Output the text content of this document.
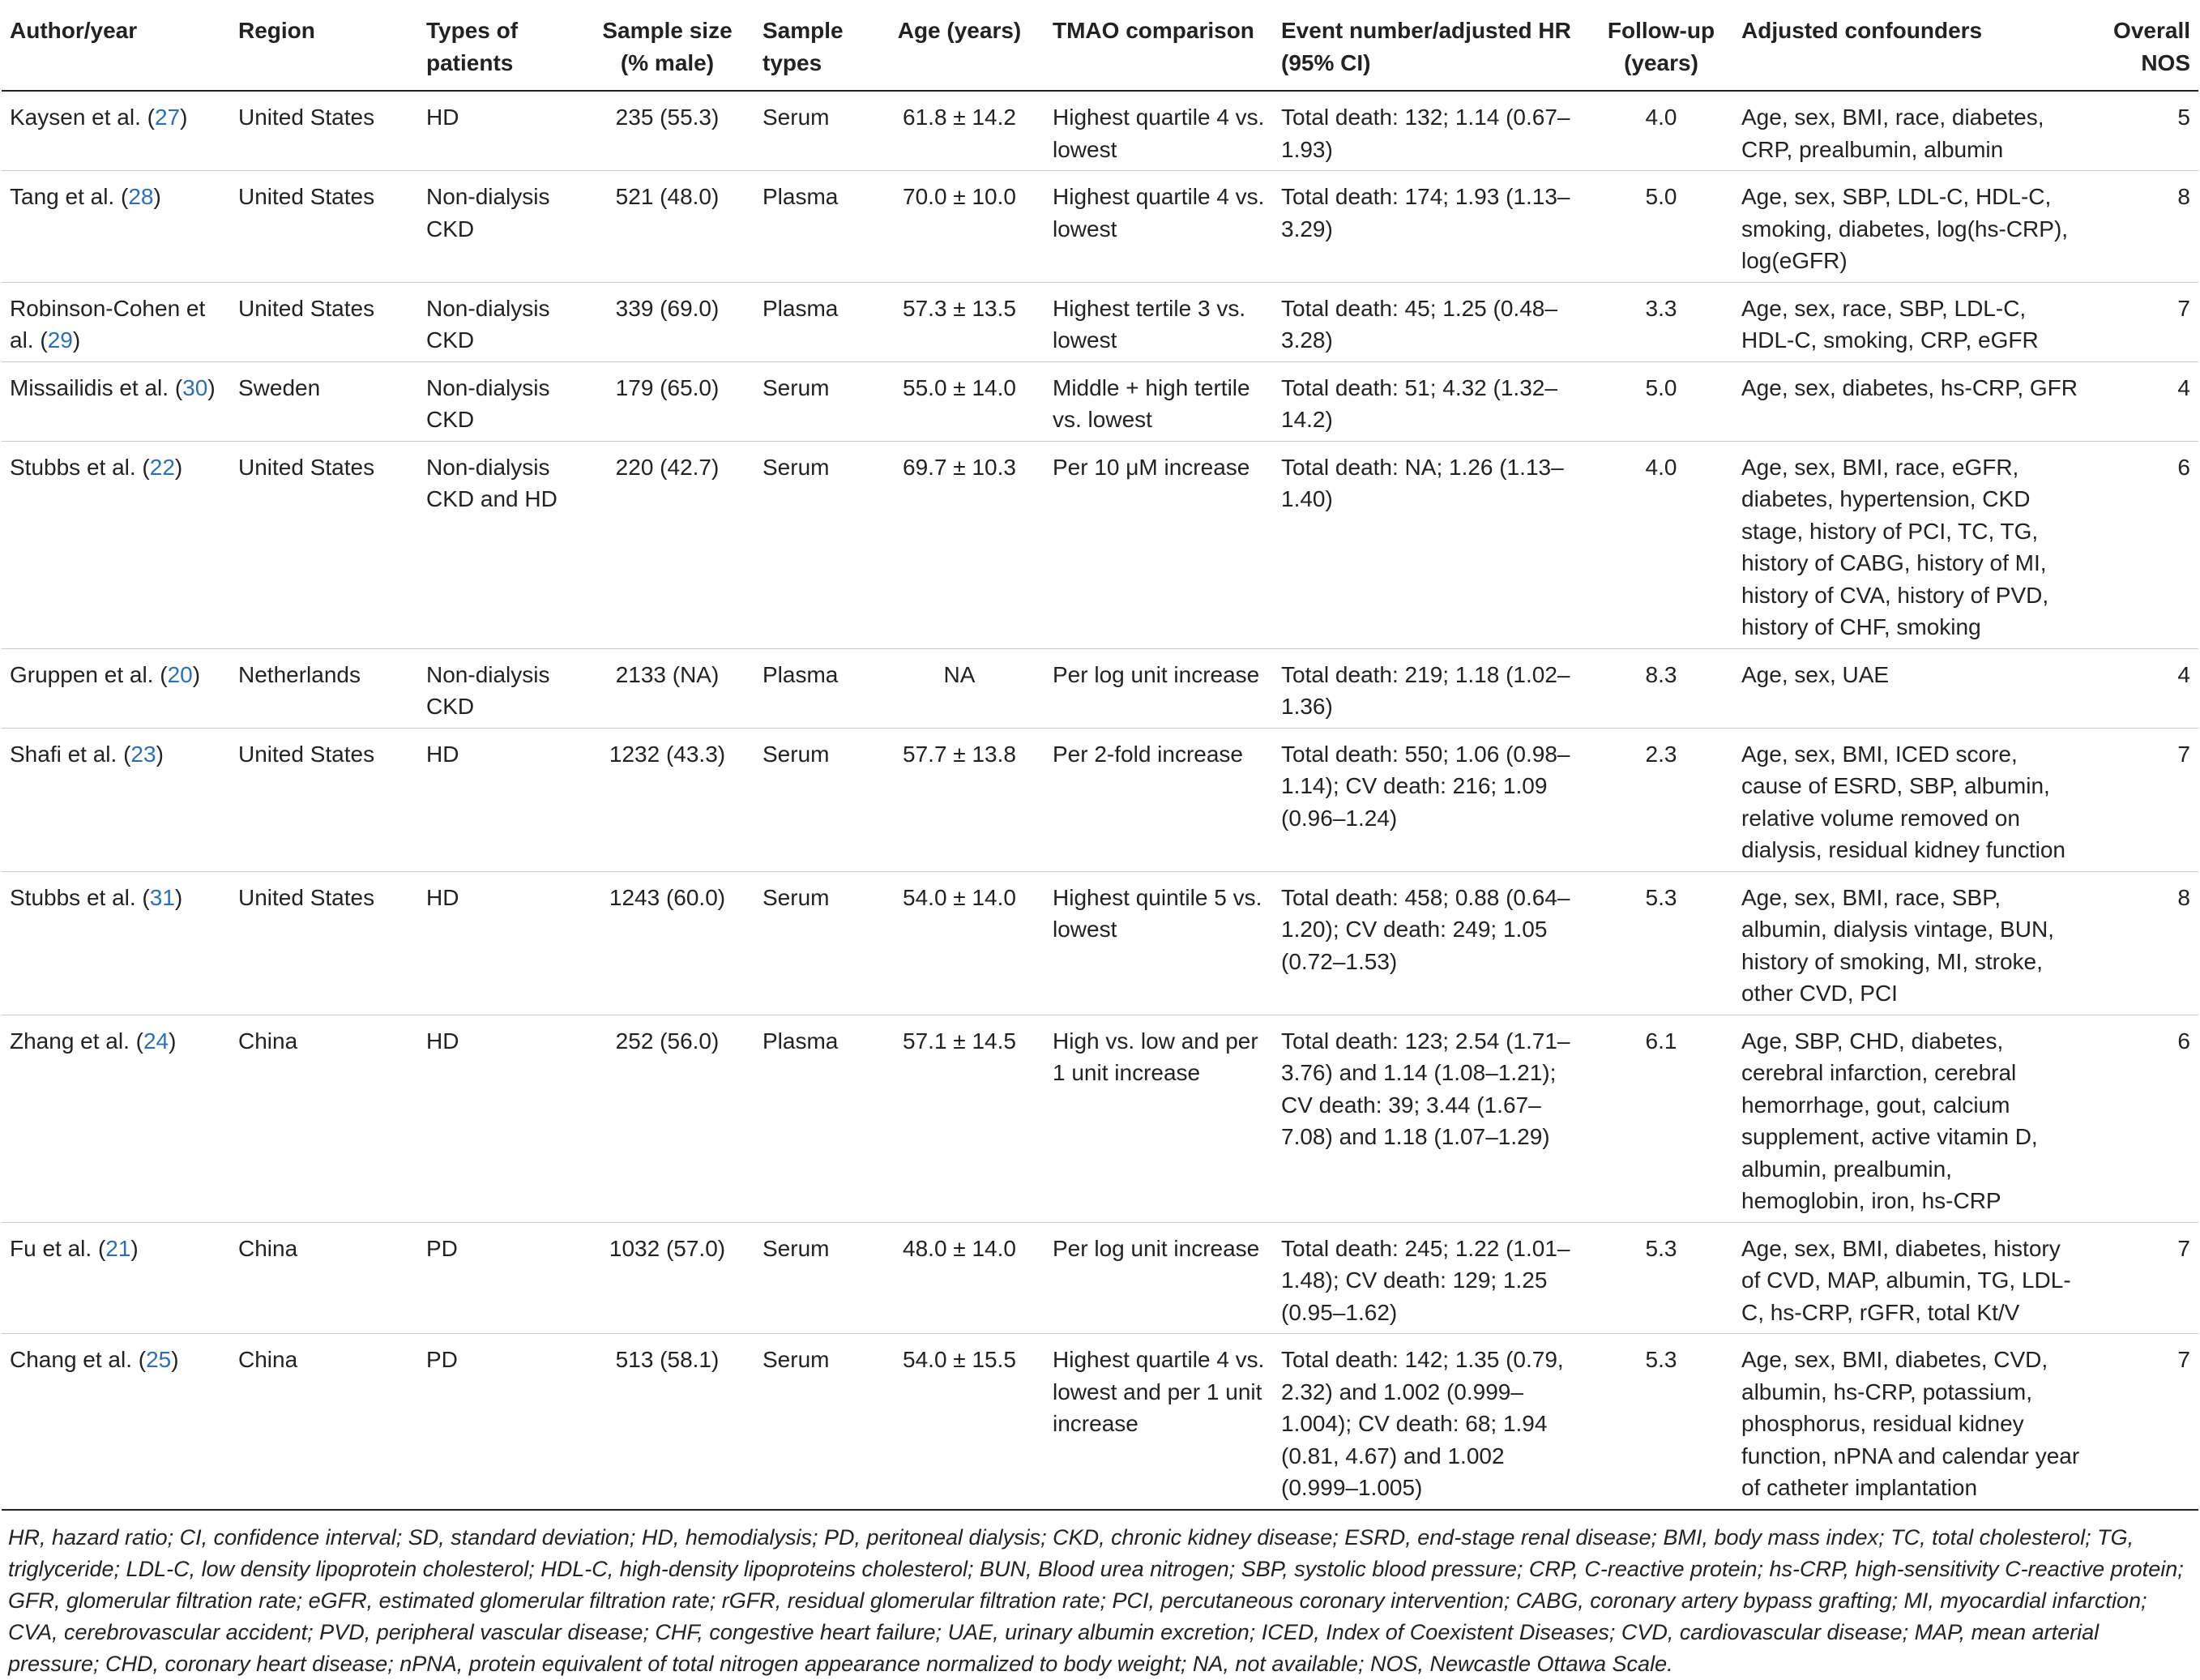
Author/year	Region	Types of patients	Sample size (% male)	Sample types	Age (years)	TMAO comparison	Event number/adjusted HR (95% CI)	Follow-up (years)	Adjusted confounders	Overall NOS
Kaysen et al. (27)	United States	HD	235 (55.3)	Serum	61.8 ± 14.2	Highest quartile 4 vs. lowest	Total death: 132; 1.14 (0.67–1.93)	4.0	Age, sex, BMI, race, diabetes, CRP, prealbumin, albumin	5
Tang et al. (28)	United States	Non-dialysis CKD	521 (48.0)	Plasma	70.0 ± 10.0	Highest quartile 4 vs. lowest	Total death: 174; 1.93 (1.13–3.29)	5.0	Age, sex, SBP, LDL-C, HDL-C, smoking, diabetes, log(hs-CRP), log(eGFR)	8
Robinson-Cohen et al. (29)	United States	Non-dialysis CKD	339 (69.0)	Plasma	57.3 ± 13.5	Highest tertile 3 vs. lowest	Total death: 45; 1.25 (0.48–3.28)	3.3	Age, sex, race, SBP, LDL-C, HDL-C, smoking, CRP, eGFR	7
Missailidis et al. (30)	Sweden	Non-dialysis CKD	179 (65.0)	Serum	55.0 ± 14.0	Middle + high tertile vs. lowest	Total death: 51; 4.32 (1.32–14.2)	5.0	Age, sex, diabetes, hs-CRP, GFR	4
Stubbs et al. (22)	United States	Non-dialysis CKD and HD	220 (42.7)	Serum	69.7 ± 10.3	Per 10 μM increase	Total death: NA; 1.26 (1.13–1.40)	4.0	Age, sex, BMI, race, eGFR, diabetes, hypertension, CKD stage, history of PCI, TC, TG, history of CABG, history of MI, history of CVA, history of PVD, history of CHF, smoking	6
Gruppen et al. (20)	Netherlands	Non-dialysis CKD	2133 (NA)	Plasma	NA	Per log unit increase	Total death: 219; 1.18 (1.02–1.36)	8.3	Age, sex, UAE	4
Shafi et al. (23)	United States	HD	1232 (43.3)	Serum	57.7 ± 13.8	Per 2-fold increase	Total death: 550; 1.06 (0.98–1.14); CV death: 216; 1.09 (0.96–1.24)	2.3	Age, sex, BMI, ICED score, cause of ESRD, SBP, albumin, relative volume removed on dialysis, residual kidney function	7
Stubbs et al. (31)	United States	HD	1243 (60.0)	Serum	54.0 ± 14.0	Highest quintile 5 vs. lowest	Total death: 458; 0.88 (0.64–1.20); CV death: 249; 1.05 (0.72–1.53)	5.3	Age, sex, BMI, race, SBP, albumin, dialysis vintage, BUN, history of smoking, MI, stroke, other CVD, PCI	8
Zhang et al. (24)	China	HD	252 (56.0)	Plasma	57.1 ± 14.5	High vs. low and per 1 unit increase	Total death: 123; 2.54 (1.71–3.76) and 1.14 (1.08–1.21); CV death: 39; 3.44 (1.67–7.08) and 1.18 (1.07–1.29)	6.1	Age, SBP, CHD, diabetes, cerebral infarction, cerebral hemorrhage, gout, calcium supplement, active vitamin D, albumin, prealbumin, hemoglobin, iron, hs-CRP	6
Fu et al. (21)	China	PD	1032 (57.0)	Serum	48.0 ± 14.0	Per log unit increase	Total death: 245; 1.22 (1.01–1.48); CV death: 129; 1.25 (0.95–1.62)	5.3	Age, sex, BMI, diabetes, history of CVD, MAP, albumin, TG, LDL-C, hs-CRP, rGFR, total Kt/V	7
Chang et al. (25)	China	PD	513 (58.1)	Serum	54.0 ± 15.5	Highest quartile 4 vs. lowest and per 1 unit increase	Total death: 142; 1.35 (0.79, 2.32) and 1.002 (0.999–1.004); CV death: 68; 1.94 (0.81, 4.67) and 1.002 (0.999–1.005)	5.3	Age, sex, BMI, diabetes, CVD, albumin, hs-CRP, potassium, phosphorus, residual kidney function, nPNA and calendar year of catheter implantation	7
HR, hazard ratio; CI, confidence interval; SD, standard deviation; HD, hemodialysis; PD, peritoneal dialysis; CKD, chronic kidney disease; ESRD, end-stage renal disease; BMI, body mass index; TC, total cholesterol; TG, triglyceride; LDL-C, low density lipoprotein cholesterol; HDL-C, high-density lipoproteins cholesterol; BUN, Blood urea nitrogen; SBP, systolic blood pressure; CRP, C-reactive protein; hs-CRP, high-sensitivity C-reactive protein; GFR, glomerular filtration rate; eGFR, estimated glomerular filtration rate; rGFR, residual glomerular filtration rate; PCI, percutaneous coronary intervention; CABG, coronary artery bypass grafting; MI, myocardial infarction; CVA, cerebrovascular accident; PVD, peripheral vascular disease; CHF, congestive heart failure; UAE, urinary albumin excretion; ICED, Index of Coexistent Diseases; CVD, cardiovascular disease; MAP, mean arterial pressure; CHD, coronary heart disease; nPNA, protein equivalent of total nitrogen appearance normalized to body weight; NA, not available; NOS, Newcastle Ottawa Scale.
